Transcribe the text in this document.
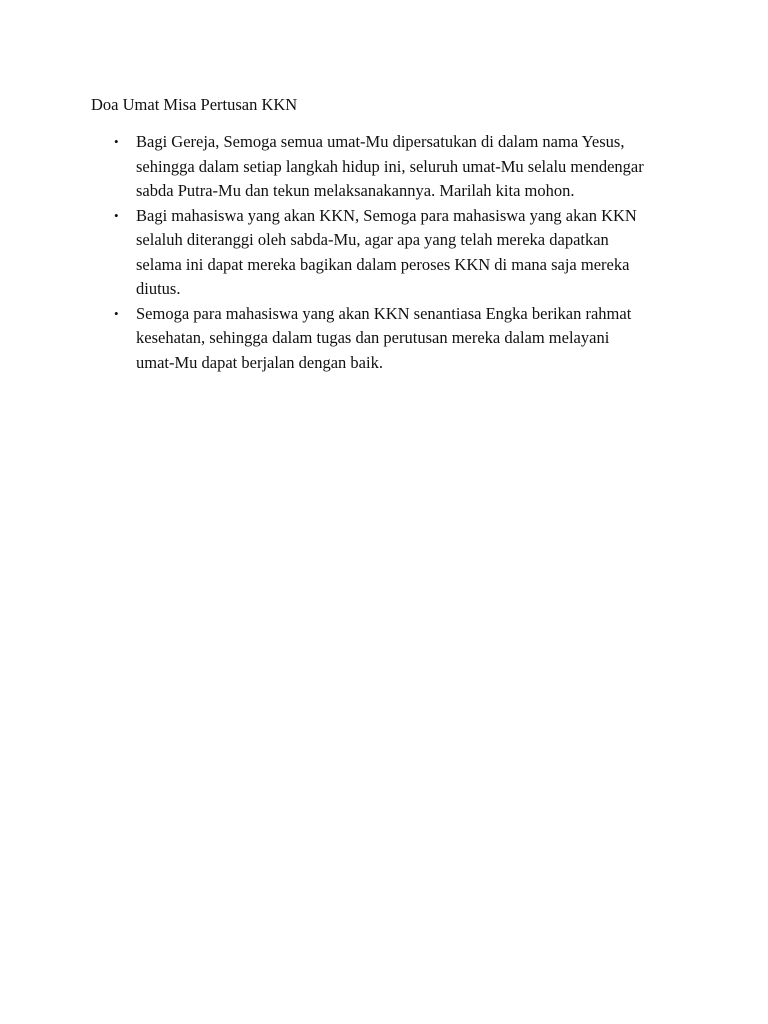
Doa Umat Misa Pertusan KKN
• Bagi Gereja, Semoga semua umat-Mu dipersatukan di dalam nama Yesus,
sehingga dalam setiap langkah hidup ini, seluruh umat-Mu selalu mendengar
sabda Putra-Mu dan tekun melaksanakannya. Marilah kita mohon.
• Bagi mahasiswa yang akan KKN, Semoga para mahasiswa yang akan KKN
selaluh diteranggi oleh sabda-Mu, agar apa yang telah mereka dapatkan
selama ini dapat mereka bagikan dalam peroses KKN di mana saja mereka
diutus.
• Semoga para mahasiswa yang akan KKN senantiasa Engka berikan rahmat
kesehatan, sehingga dalam tugas dan perutusan mereka dalam melayani
umat-Mu dapat berjalan dengan baik.
